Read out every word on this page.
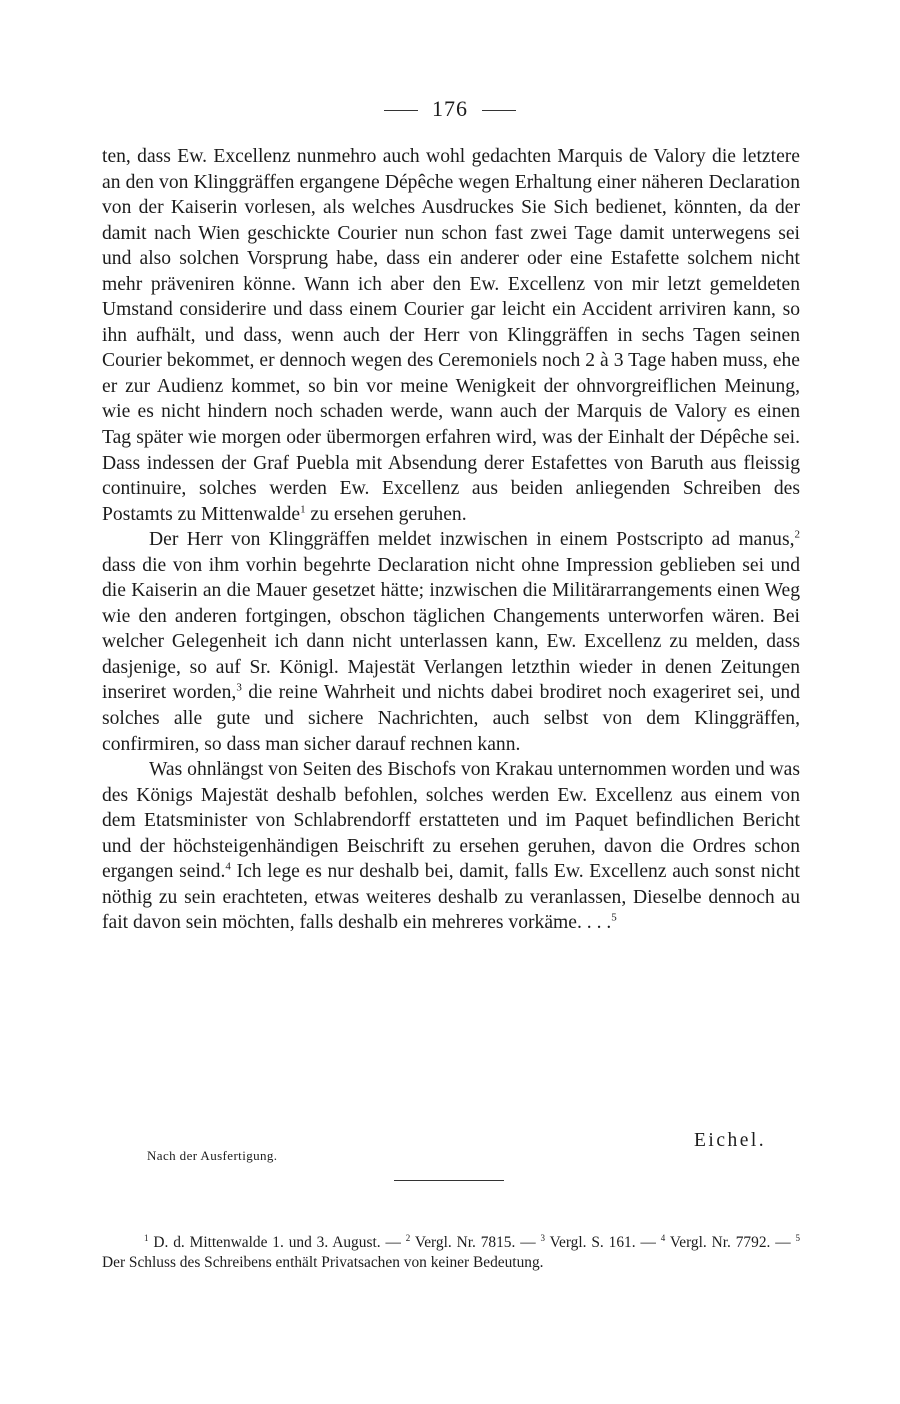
176

ten, dass Ew. Excellenz nunmehro auch wohl gedachten Marquis de Valory die letztere an den von Klinggräffen ergangene Dépêche wegen Erhaltung einer näheren Declaration von der Kaiserin vorlesen, als welches Ausdruckes Sie Sich bedienet, könnten, da der damit nach Wien geschickte Courier nun schon fast zwei Tage damit unterwegens sei und also solchen Vorsprung habe, dass ein anderer oder eine Estafette solchem nicht mehr präveniren könne. Wann ich aber den Ew. Excellenz von mir letzt gemeldeten Umstand considerire und dass einem Courier gar leicht ein Accident arriviren kann, so ihn aufhält, und dass, wenn auch der Herr von Klinggräffen in sechs Tagen seinen Courier bekommet, er dennoch wegen des Ceremoniels noch 2 à 3 Tage haben muss, ehe er zur Audienz kommet, so bin vor meine Wenigkeit der ohnvorgreiflichen Meinung, wie es nicht hindern noch schaden werde, wann auch der Marquis de Valory es einen Tag später wie morgen oder übermorgen erfahren wird, was der Einhalt der Dépêche sei. Dass indessen der Graf Puebla mit Absendung derer Estafettes von Baruth aus fleissig continuire, solches werden Ew. Excellenz aus beiden anliegenden Schreiben des Postamts zu Mittenwalde$^1$ zu ersehen geruhen.

Der Herr von Klinggräffen meldet inzwischen in einem Postscripto ad manus,$^2$ dass die von ihm vorhin begehrte Declaration nicht ohne Impression geblieben sei und die Kaiserin an die Mauer gesetzet hätte; inzwischen die Militärarrangements einen Weg wie den anderen fortgingen, obschon täglichen Changements unterworfen wären. Bei welcher Gelegenheit ich dann nicht unterlassen kann, Ew. Excellenz zu melden, dass dasjenige, so auf Sr. Königl. Majestät Verlangen letzthin wieder in denen Zeitungen inseriret worden,$^3$ die reine Wahrheit und nichts dabei brodiret noch exageriret sei, und solches alle gute und sichere Nachrichten, auch selbst von dem Klinggräffen, confirmiren, so dass man sicher darauf rechnen kann.

Was ohnlängst von Seiten des Bischofs von Krakau unternommen worden und was des Königs Majestät deshalb befohlen, solches werden Ew. Excellenz aus einem von dem Etatsminister von Schlabrendorff erstatteten und im Paquet befindlichen Bericht und der höchsteigenhändigen Beischrift zu ersehen geruhen, davon die Ordres schon ergangen seind.$^4$ Ich lege es nur deshalb bei, damit, falls Ew. Excellenz auch sonst nicht nöthig zu sein erachteten, etwas weiteres deshalb zu veranlassen, Dieselbe dennoch au fait davon sein möchten, falls deshalb ein mehreres vorkäme. . . .$^5$

Eichel.
Nach der Ausfertigung.

$^1$ D. d. Mittenwalde 1. und 3. August. — $^2$ Vergl. Nr. 7815. — $^3$ Vergl. S. 161. — $^4$ Vergl. Nr. 7792. — $^5$ Der Schluss des Schreibens enthält Privatsachen von keiner Bedeutung.
